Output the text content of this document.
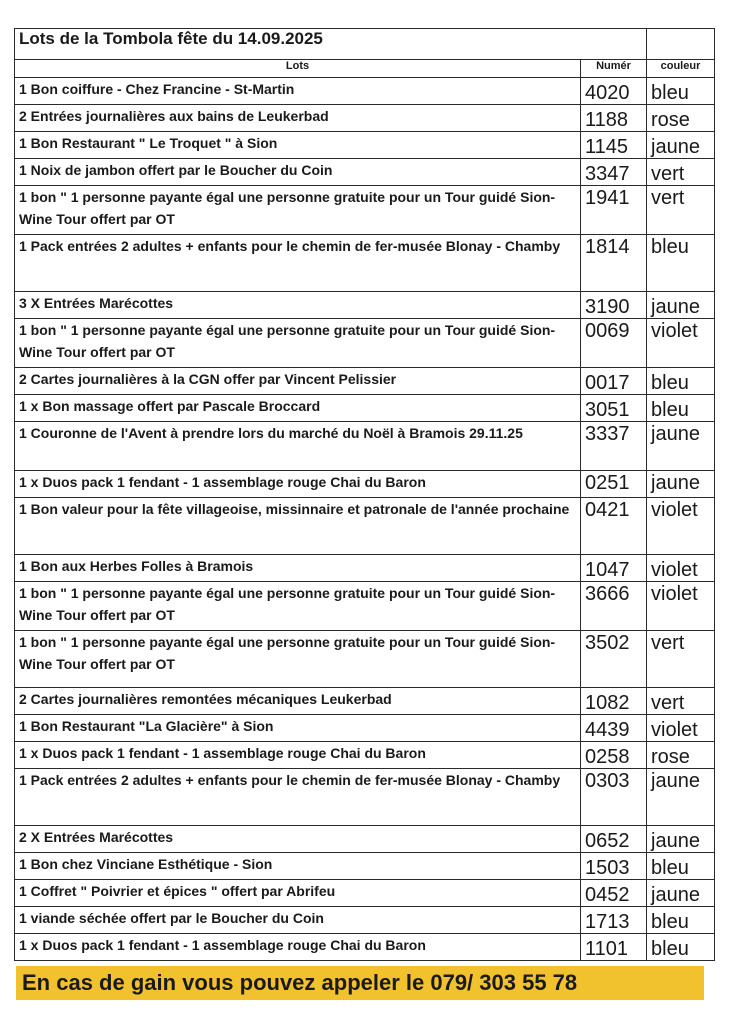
Lots de la Tombola fête du 14.09.2025		
Lots	Numér	couleur
1 Bon coiffure - Chez Francine - St-Martin	4020	bleu
2 Entrées journalières aux bains de Leukerbad	1188	rose
1 Bon Restaurant " Le Troquet " à Sion	1145	jaune
1 Noix de jambon offert par le Boucher du Coin	3347	vert
1 bon " 1 personne payante égal une personne gratuite pour un Tour guidé Sion- Wine Tour offert par OT	1941	vert
1 Pack entrées 2 adultes + enfants pour le chemin de fer-musée Blonay - Chamby	1814	bleu
3 X Entrées Marécottes	3190	jaune
1 bon " 1 personne payante égal une personne gratuite pour un Tour guidé Sion- Wine Tour offert par OT	0069	violet
2 Cartes journalières à la CGN offer par Vincent Pelissier	0017	bleu
1 x Bon massage offert par Pascale Broccard	3051	bleu
1 Couronne de l'Avent à prendre lors du marché du Noël à Bramois 29.11.25	3337	jaune
1 x Duos pack 1 fendant - 1 assemblage rouge Chai du Baron	0251	jaune
1 Bon valeur pour la fête villageoise, missinnaire et patronale de l'année prochaine	0421	violet
1 Bon aux Herbes Folles à Bramois	1047	violet
1 bon " 1 personne payante égal une personne gratuite pour un Tour guidé Sion- Wine Tour offert par OT	3666	violet
1 bon " 1 personne payante égal une personne gratuite pour un Tour guidé Sion- Wine Tour offert par OT	3502	vert
2 Cartes journalières remontées mécaniques Leukerbad	1082	vert
1 Bon Restaurant "La Glacière" à Sion	4439	violet
1 x Duos pack 1 fendant - 1 assemblage rouge Chai du Baron	0258	rose
1 Pack entrées 2 adultes + enfants pour le chemin de fer-musée Blonay - Chamby	0303	jaune
2 X Entrées Marécottes	0652	jaune
1 Bon chez Vinciane Esthétique - Sion	1503	bleu
1 Coffret " Poivrier et épices " offert par Abrifeu	0452	jaune
1 viande séchée offert par le Boucher du Coin	1713	bleu
1 x Duos pack 1 fendant - 1 assemblage rouge Chai du Baron	1101	bleu
En cas de gain vous pouvez appeler le 079/ 303 55 78
